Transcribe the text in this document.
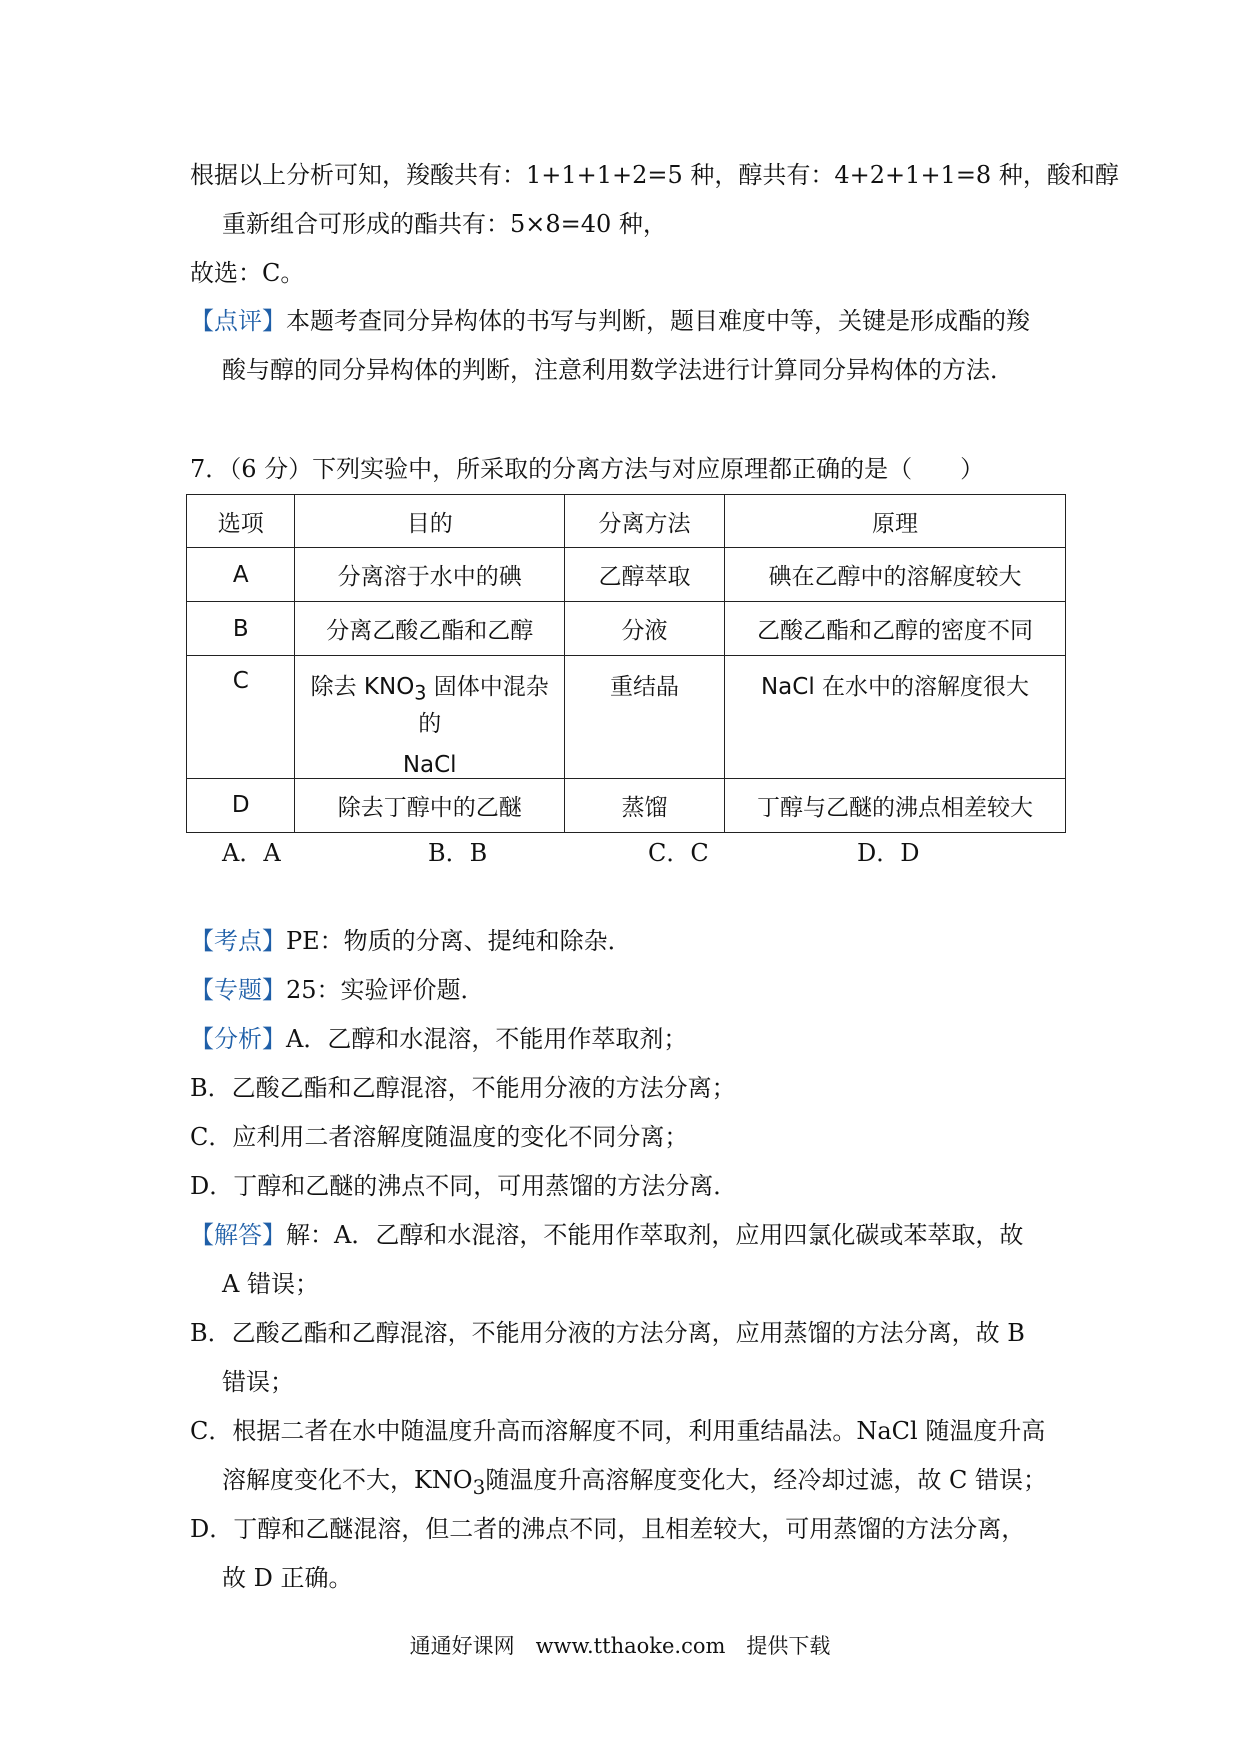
根据以上分析可知，羧酸共有：1+1+1+2=5 种，醇共有：4+2+1+1=8 种，酸和醇
重新组合可形成的酯共有：5×8=40 种，
故选：C。
【点评】本题考查同分异构体的书写与判断，题目难度中等，关键是形成酯的羧
酸与醇的同分异构体的判断，注意利用数学法进行计算同分异构体的方法．
7．（6 分）下列实验中，所采取的分离方法与对应原理都正确的是（　　）
选项	目的	分离方法	原理
A	分离溶于水中的碘	乙醇萃取	碘在乙醇中的溶解度较大
B	分离乙酸乙酯和乙醇	分液	乙酸乙酯和乙醇的密度不同
C	除去 $KNO_3$ 固体中混杂的
NaCl	重结晶	NaCl 在水中的溶解度很大
D	除去丁醇中的乙醚	蒸馏	丁醇与乙醚的沸点相差较大
A．A	B．B	C．C	D．D
【考点】PE：物质的分离、提纯和除杂．
【专题】25：实验评价题．
【分析】A．乙醇和水混溶，不能用作萃取剂；
B．乙酸乙酯和乙醇混溶，不能用分液的方法分离；
C．应利用二者溶解度随温度的变化不同分离；
D．丁醇和乙醚的沸点不同，可用蒸馏的方法分离．
【解答】解：A．乙醇和水混溶，不能用作萃取剂，应用四氯化碳或苯萃取，故
A 错误；
B．乙酸乙酯和乙醇混溶，不能用分液的方法分离，应用蒸馏的方法分离，故 B
错误；
C．根据二者在水中随温度升高而溶解度不同，利用重结晶法。NaCl 随温度升高
溶解度变化不大，$KNO_3$随温度升高溶解度变化大，经冷却过滤，故 C 错误；
D．丁醇和乙醚混溶，但二者的沸点不同，且相差较大，可用蒸馏的方法分离，
故 D 正确。
通通好课网　www.tthaoke.com　提供下载
